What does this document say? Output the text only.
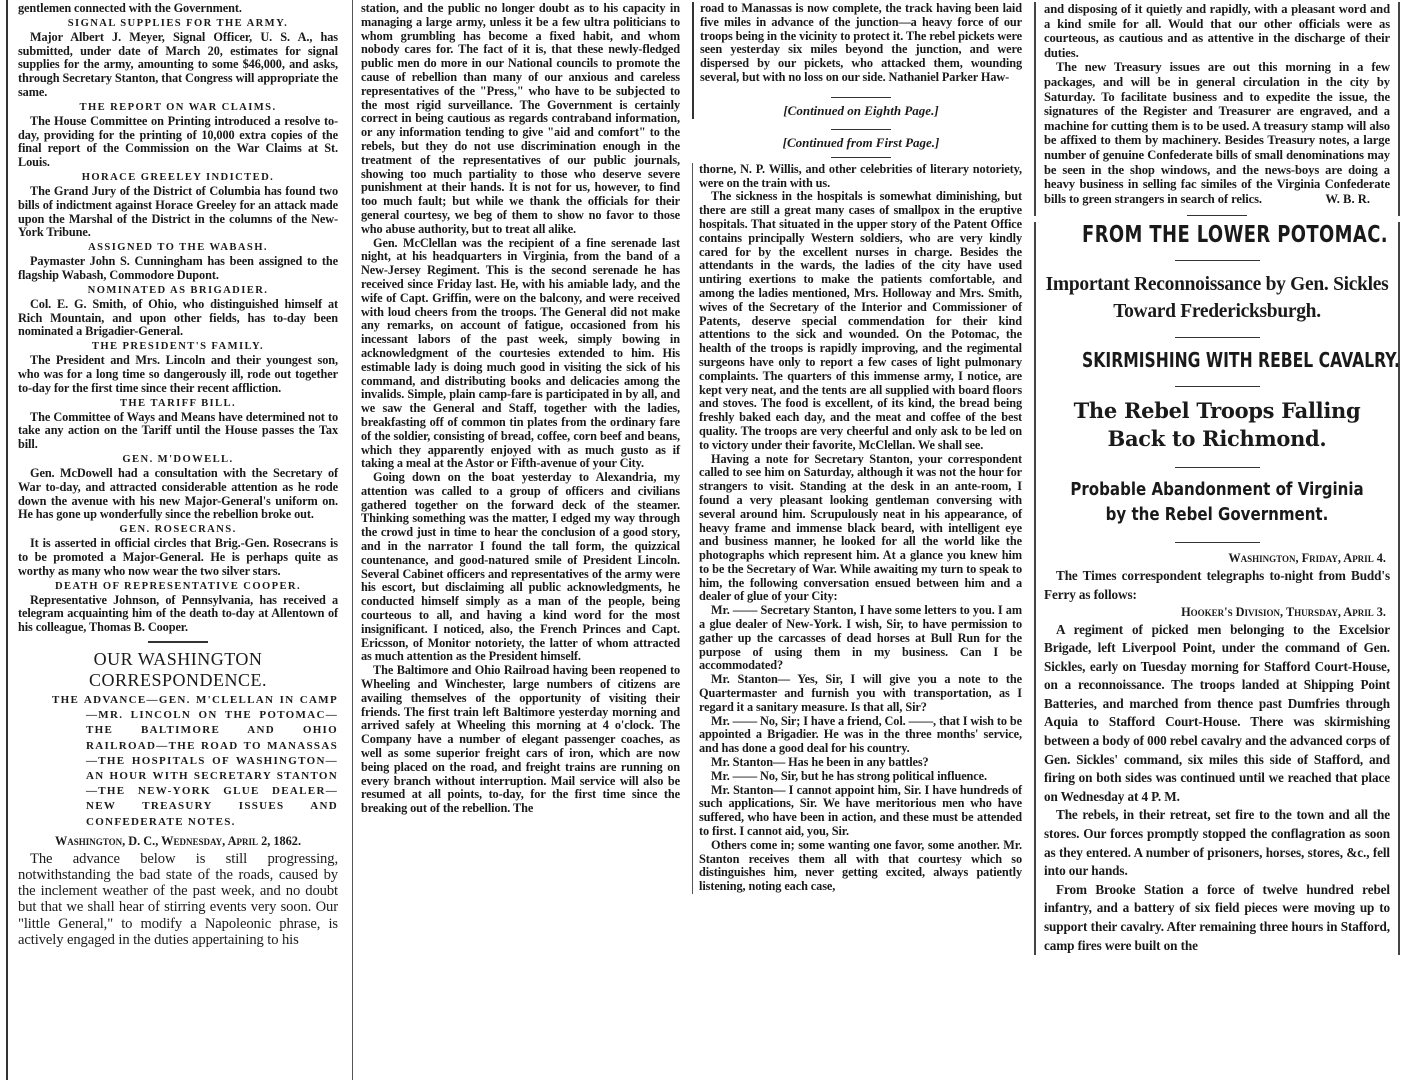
gentlemen connected with the Government.

SIGNAL SUPPLIES FOR THE ARMY.

Major Albert J. Meyer, Signal Officer, U. S. A., has submitted, under date of March 20, estimates for signal supplies for the army, amounting to some $46,000, and asks, through Secretary Stanton, that Congress will appropriate the same.

THE REPORT ON WAR CLAIMS.

The House Committee on Printing introduced a resolve to-day, providing for the printing of 10,000 extra copies of the final report of the Commission on the War Claims at St. Louis.

HORACE GREELEY INDICTED.

The Grand Jury of the District of Columbia has found two bills of indictment against Horace Greeley for an attack made upon the Marshal of the District in the columns of the New-York Tribune.

ASSIGNED TO THE WABASH.

Paymaster John S. Cunningham has been assigned to the flagship Wabash, Commodore Dupont.

NOMINATED AS BRIGADIER.

Col. E. G. Smith, of Ohio, who distinguished himself at Rich Mountain, and upon other fields, has to-day been nominated a Brigadier-General.

THE PRESIDENT'S FAMILY.

The President and Mrs. Lincoln and their youngest son, who was for a long time so dangerously ill, rode out together to-day for the first time since their recent affliction.

THE TARIFF BILL.

The Committee of Ways and Means have determined not to take any action on the Tariff until the House passes the Tax bill.

GEN. M'DOWELL.

Gen. McDowell had a consultation with the Secretary of War to-day, and attracted considerable attention as he rode down the avenue with his new Major-General's uniform on. He has gone up wonderfully since the rebellion broke out.

GEN. ROSECRANS.

It is asserted in official circles that Brig.-Gen. Rosecrans is to be promoted a Major-General. He is perhaps quite as worthy as many who now wear the two silver stars.

DEATH OF REPRESENTATIVE COOPER.

Representative Johnson, of Pennsylvania, has received a telegram acquainting him of the death to-day at Allentown of his colleague, Thomas B. Cooper.

OUR WASHINGTON CORRESPONDENCE.
THE ADVANCE—GEN. M'CLELLAN IN CAMP—MR. LINCOLN ON THE POTOMAC—THE BALTIMORE AND OHIO RAILROAD—THE ROAD TO MANASSAS—THE HOSPITALS OF WASHINGTON—AN HOUR WITH SECRETARY STANTON—THE NEW-YORK GLUE DEALER—NEW TREASURY ISSUES AND CONFEDERATE NOTES.
Washington, D. C., Wednesday, April 2, 1862.

The advance below is still progressing, notwithstanding the bad state of the roads, caused by the inclement weather of the past week, and no doubt but that we shall hear of stirring events very soon. Our "little General," to modify a Napoleonic phrase, is actively engaged in the duties appertaining to his

station, and the public no longer doubt as to his capacity in managing a large army, unless it be a few ultra politicians to whom grumbling has become a fixed habit, and whom nobody cares for. The fact of it is, that these newly-fledged public men do more in our National councils to promote the cause of rebellion than many of our anxious and careless representatives of the "Press," who have to be subjected to the most rigid surveillance. The Government is certainly correct in being cautious as regards contraband information, or any information tending to give "aid and comfort" to the rebels, but they do not use discrimination enough in the treatment of the representatives of our public journals, showing too much partiality to those who deserve severe punishment at their hands. It is not for us, however, to find too much fault; but while we thank the officials for their general courtesy, we beg of them to show no favor to those who abuse authority, but to treat all alike.

Gen. McClellan was the recipient of a fine serenade last night, at his headquarters in Virginia, from the band of a New-Jersey Regiment. This is the second serenade he has received since Friday last. He, with his amiable lady, and the wife of Capt. Griffin, were on the balcony, and were received with loud cheers from the troops. The General did not make any remarks, on account of fatigue, occasioned from his incessant labors of the past week, simply bowing in acknowledgment of the courtesies extended to him. His estimable lady is doing much good in visiting the sick of his command, and distributing books and delicacies among the invalids. Simple, plain camp-fare is participated in by all, and we saw the General and Staff, together with the ladies, breakfasting off of common tin plates from the ordinary fare of the soldier, consisting of bread, coffee, corn beef and beans, which they apparently enjoyed with as much gusto as if taking a meal at the Astor or Fifth-avenue of your City.

Going down on the boat yesterday to Alexandria, my attention was called to a group of officers and civilians gathered together on the forward deck of the steamer. Thinking something was the matter, I edged my way through the crowd just in time to hear the conclusion of a good story, and in the narrator I found the tall form, the quizzical countenance, and good-natured smile of President Lincoln. Several Cabinet officers and representatives of the army were his escort, but disclaiming all public acknowledgments, he conducted himself simply as a man of the people, being courteous to all, and having a kind word for the most insignificant. I noticed, also, the French Princes and Capt. Ericsson, of Monitor notoriety, the latter of whom attracted as much attention as the President himself.

The Baltimore and Ohio Railroad having been reopened to Wheeling and Winchester, large numbers of citizens are availing themselves of the opportunity of visiting their friends. The first train left Baltimore yesterday morning and arrived safely at Wheeling this morning at 4 o'clock. The Company have a number of elegant passenger coaches, as well as some superior freight cars of iron, which are now being placed on the road, and freight trains are running on every branch without interruption. Mail service will also be resumed at all points, to-day, for the first time since the breaking out of the rebellion. The

road to Manassas is now complete, the track having been laid five miles in advance of the junction—a heavy force of our troops being in the vicinity to protect it. The rebel pickets were seen yesterday six miles beyond the junction, and were dispersed by our pickets, who attacked them, wounding several, but with no loss on our side. Nathaniel Parker Haw-

[Continued on Eighth Page.]
[Continued from First Page.]

thorne, N. P. Willis, and other celebrities of literary notoriety, were on the train with us.

The sickness in the hospitals is somewhat diminishing, but there are still a great many cases of smallpox in the eruptive hospitals. That situated in the upper story of the Patent Office contains principally Western soldiers, who are very kindly cared for by the excellent nurses in charge. Besides the attendants in the wards, the ladies of the city have used untiring exertions to make the patients comfortable, and among the ladies mentioned, Mrs. Holloway and Mrs. Smith, wives of the Secretary of the Interior and Commissioner of Patents, deserve special commendation for their kind attentions to the sick and wounded. On the Potomac, the health of the troops is rapidly improving, and the regimental surgeons have only to report a few cases of light pulmonary complaints. The quarters of this immense army, I notice, are kept very neat, and the tents are all supplied with board floors and stoves. The food is excellent, of its kind, the bread being freshly baked each day, and the meat and coffee of the best quality. The troops are very cheerful and only ask to be led on to victory under their favorite, McClellan. We shall see.

Having a note for Secretary Stanton, your correspondent called to see him on Saturday, although it was not the hour for strangers to visit. Standing at the desk in an ante-room, I found a very pleasant looking gentleman conversing with several around him. Scrupulously neat in his appearance, of heavy frame and immense black beard, with intelligent eye and business manner, he looked for all the world like the photographs which represent him. At a glance you knew him to be the Secretary of War. While awaiting my turn to speak to him, the following conversation ensued between him and a dealer of glue of your City:

Mr. —— Secretary Stanton, I have some letters to you. I am a glue dealer of New-York. I wish, Sir, to have permission to gather up the carcasses of dead horses at Bull Run for the purpose of using them in my business. Can I be accommodated?

Mr. Stanton— Yes, Sir, I will give you a note to the Quartermaster and furnish you with transportation, as I regard it a sanitary measure. Is that all, Sir?

Mr. —— No, Sir; I have a friend, Col. ——, that I wish to be appointed a Brigadier. He was in the three months' service, and has done a good deal for his country.

Mr. Stanton— Has he been in any battles?

Mr. —— No, Sir, but he has strong political influence.

Mr. Stanton— I cannot appoint him, Sir. I have hundreds of such applications, Sir. We have meritorious men who have suffered, who have been in action, and these must be attended to first. I cannot aid, you, Sir.

Others come in; some wanting one favor, some another. Mr. Stanton receives them all with that courtesy which so distinguishes him, never getting excited, always patiently listening, noting each case,

and disposing of it quietly and rapidly, with a pleasant word and a kind smile for all. Would that our other officials were as courteous, as cautious and as attentive in the discharge of their duties.

The new Treasury issues are out this morning in a few packages, and will be in general circulation in the city by Saturday. To facilitate business and to expedite the issue, the signatures of the Register and Treasurer are engraved, and a machine for cutting them is to be used. A treasury stamp will also be affixed to them by machinery. Besides Treasury notes, a large number of genuine Confederate bills of small denominations may be seen in the shop windows, and the news-boys are doing a heavy business in selling fac similes of the Virginia Confederate bills to green strangers in search of relics.	W. B. R.
FROM THE LOWER POTOMAC.
Important Reconnoissance by Gen. Sickles Toward Fredericksburgh.
SKIRMISHING WITH REBEL CAVALRY.
The Rebel Troops Falling Back to Richmond.
Probable Abandonment of Virginia by the Rebel Government.
Washington, Friday, April 4.

The Times correspondent telegraphs to-night from Budd's Ferry as follows:

Hooker's Division, Thursday, April 3.

A regiment of picked men belonging to the Excelsior Brigade, left Liverpool Point, under the command of Gen. Sickles, early on Tuesday morning for Stafford Court-House, on a reconnoissance. The troops landed at Shipping Point Batteries, and marched from thence past Dumfries through Aquia to Stafford Court-House. There was skirmishing between a body of 000 rebel cavalry and the advanced corps of Gen. Sickles' command, six miles this side of Stafford, and firing on both sides was continued until we reached that place on Wednesday at 4 P. M.

The rebels, in their retreat, set fire to the town and all the stores. Our forces promptly stopped the conflagration as soon as they entered. A number of prisoners, horses, stores, &c., fell into our hands.

From Brooke Station a force of twelve hundred rebel infantry, and a battery of six field pieces were moving up to support their cavalry. After remaining three hours in Stafford, camp fires were built on the
